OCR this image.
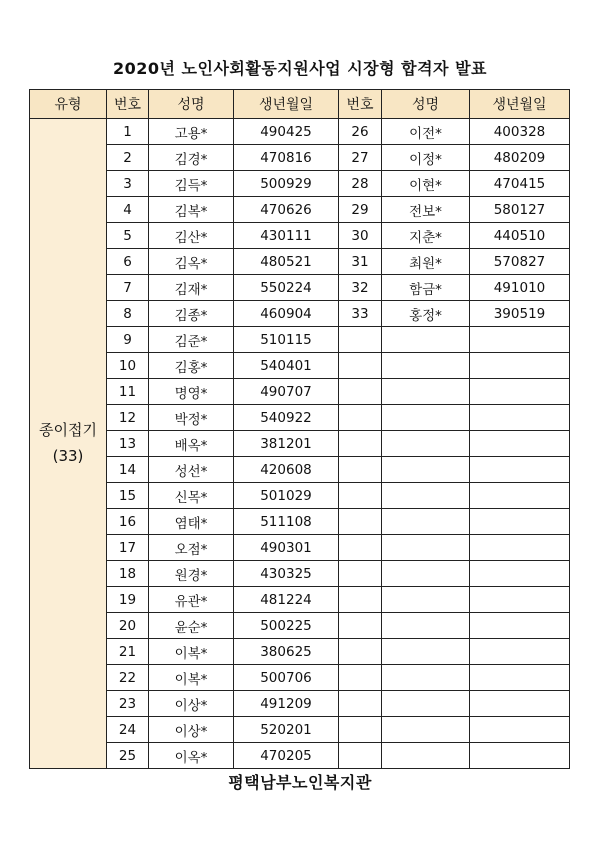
2020년 노인사회활동지원사업 시장형 합격자 발표
유형	번호	성명	생년월일	번호	성명	생년월일

종이접기
(33)	1	고용*	490425	26	이전*	400328
	2	김경*	470816	27	이정*	480209
	3	김득*	500929	28	이현*	470415
	4	김복*	470626	29	전보*	580127
	5	김산*	430111	30	지춘*	440510
	6	김옥*	480521	31	최원*	570827
	7	김재*	550224	32	함금*	491010
	8	김종*	460904	33	홍정*	390519
	9	김준*	510115			
	10	김홍*	540401			
	11	명영*	490707			
	12	박정*	540922			
	13	배옥*	381201			
	14	성선*	420608			
	15	신목*	501029			
	16	염태*	511108			
	17	오점*	490301			
	18	원경*	430325			
	19	유관*	481224			
	20	윤순*	500225			
	21	이복*	380625			
	22	이복*	500706			
	23	이상*	491209			
	24	이상*	520201			
	25	이옥*	470205			
평택남부노인복지관
